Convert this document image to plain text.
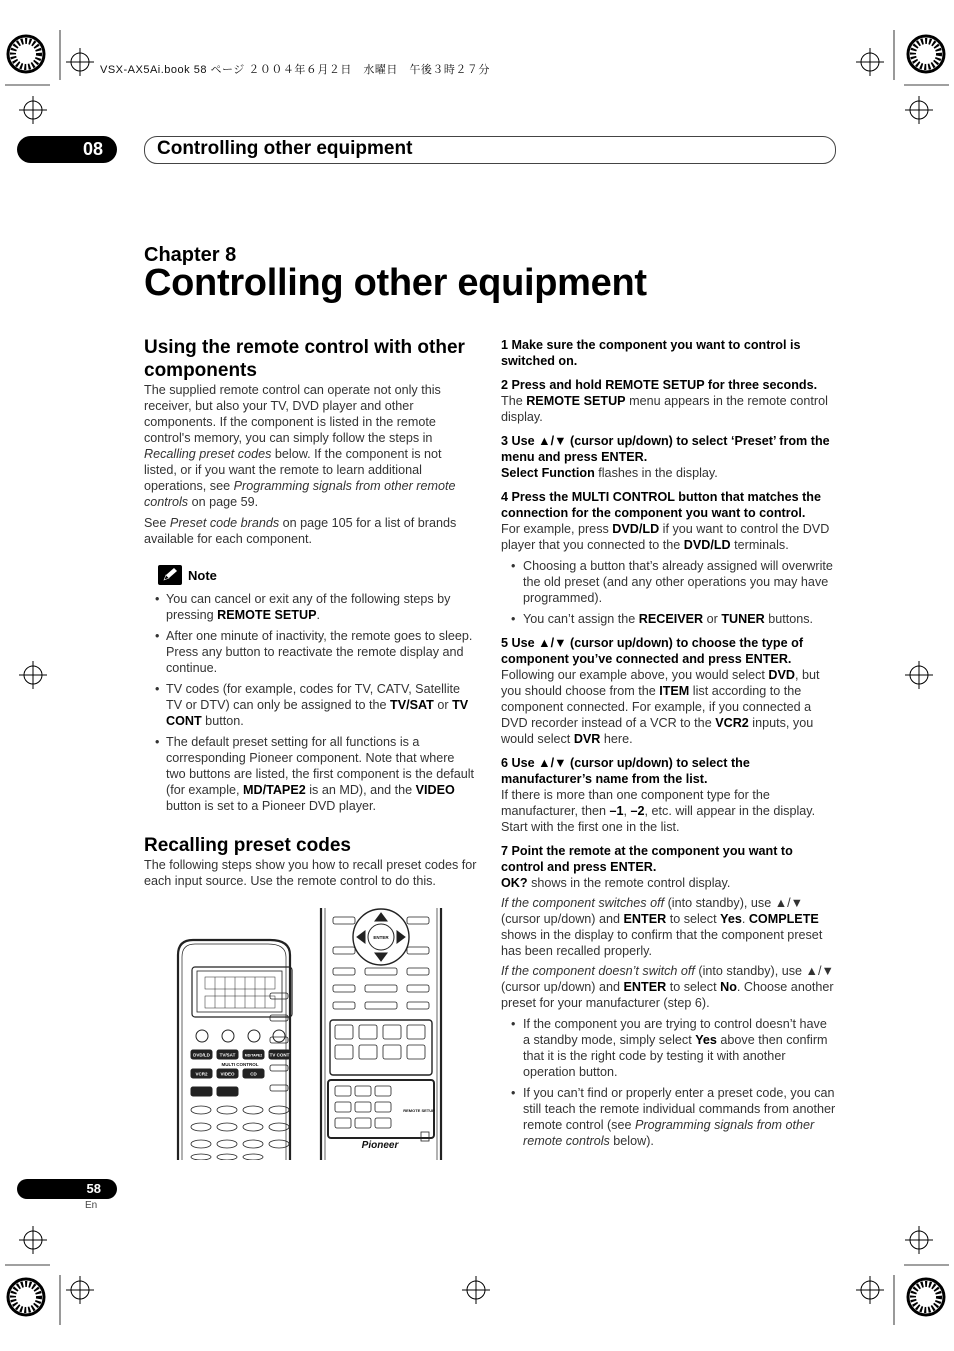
VSX-AX5Ai.book 58 ページ ２００４年６月２日　水曜日　午後３時２７分
08	Controlling other equipment
Chapter 8
Controlling other equipment
Using the remote control with other
components

The supplied remote control can operate not only this receiver, but also your TV, DVD player and other components. If the component is listed in the remote control's memory, you can simply follow the steps in Recalling preset codes below. If the component is not listed, or if you want the remote to learn additional operations, see Programming signals from other remote controls on page 59.

See Preset code brands on page 105 for a list of brands available for each component.

Note
• You can cancel or exit any of the following steps by pressing REMOTE SETUP.
• After one minute of inactivity, the remote goes to sleep. Press any button to reactivate the remote display and continue.
• TV codes (for example, codes for TV, CATV, Satellite TV or DTV) can only be assigned to the TV/SAT or TV CONT button.
• The default preset setting for all functions is a corresponding Pioneer component. Note that where two buttons are listed, the first component is the default (for example, MD/TAPE2 is an MD), and the VIDEO button is set to a Pioneer DVD player.
Recalling preset codes

The following steps show you how to recall preset codes for each input source. Use the remote control to do this.

DVD/LD TV/SAT	MD/TAPE2 TV CONT
VCR2	VIDEO	CD
ENTER
MULTI CONTROL
REMOTE SETUP
Pioneer

1 Make sure the component you want to control is switched on.

2 Press and hold REMOTE SETUP for three seconds.

The REMOTE SETUP menu appears in the remote control display.

3 Use ▲/▼ (cursor up/down) to select ‘Preset’ from the menu and press ENTER.

Select Function flashes in the display.

4 Press the MULTI CONTROL button that matches the connection for the component you want to control.

For example, press DVD/LD if you want to control the DVD player that you connected to the DVD/LD terminals.

• Choosing a button that’s already assigned will overwrite the old preset (and any other operations you may have programmed).
• You can’t assign the RECEIVER or TUNER buttons.

5 Use ▲/▼ (cursor up/down) to choose the type of component you’ve connected and press ENTER.

Following our example above, you would select DVD, but you should choose from the ITEM list according to the component connected. For example, if you connected a DVD recorder instead of a VCR to the VCR2 inputs, you would select DVR here.

6 Use ▲/▼ (cursor up/down) to select the manufacturer’s name from the list.

If there is more than one component type for the manufacturer, then –1, –2, etc. will appear in the display. Start with the first one in the list.

7 Point the remote at the component you want to control and press ENTER.

OK? shows in the remote control display.

If the component switches off (into standby), use ▲/▼ (cursor up/down) and ENTER to select Yes. COMPLETE shows in the display to confirm that the component preset has been recalled properly.

If the component doesn’t switch off (into standby), use ▲/▼ (cursor up/down) and ENTER to select No. Choose another preset for your manufacturer (step 6).

• If the component you are trying to control doesn’t have a standby mode, simply select Yes above then confirm that it is the right code by testing it with another operation button.
• If you can’t find or properly enter a preset code, you can still teach the remote individual commands from another remote control (see Programming signals from other remote controls below).
58
En
